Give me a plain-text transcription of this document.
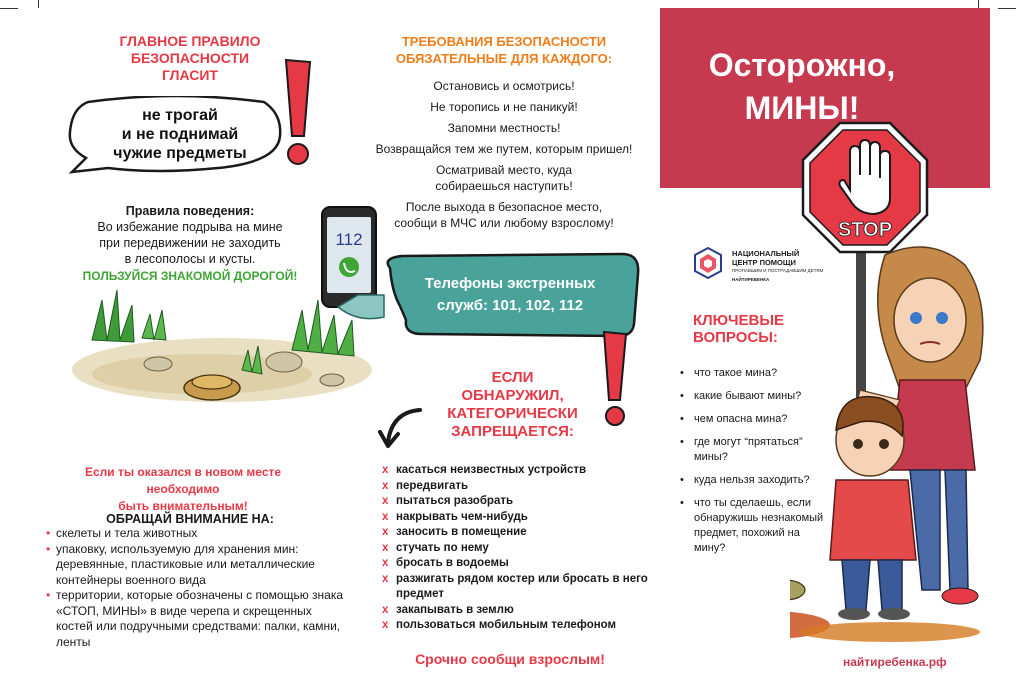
ГЛАВНОЕ ПРАВИЛО
БЕЗОПАСНОСТИ
ГЛАСИТ
не трогай
и не поднимай
чужие предметы
Правила поведения:
Во избежание подрыва на мине
при передвижении не заходить
в лесополосы и кусты.
ПОЛЬЗУЙСЯ ЗНАКОМОЙ ДОРОГОЙ!
112
Если ты оказался в новом месте необходимо
быть внимательным!
ОБРАЩАЙ ВНИМАНИЕ НА:
• скелеты и тела животных
• упаковку, используемую для хранения мин: деревянные, пластиковые или металлические контейнеры военного вида
• территории, которые обозначены с помощью знака «СТОП, МИНЫ» в виде черепа и скрещенных костей или подручными средствами: палки, камни, ленты
ТРЕБОВАНИЯ БЕЗОПАСНОСТИ
ОБЯЗАТЕЛЬНЫЕ ДЛЯ КАЖДОГО:
Остановись и осмотрись!
Не торопись и не паникуй!
Запомни местность!
Возвращайся тем же путем, которым пришел!
Осматривай место, куда собираешься наступить!
После выхода в безопасное место, сообщи в МЧС или любому взрослому!
Телефоны экстренных
служб: 101, 102, 112
ЕСЛИ
ОБНАРУЖИЛ,
КАТЕГОРИЧЕСКИ
ЗАПРЕЩАЕТСЯ:
х касаться неизвестных устройств
х передвигать
х пытаться разобрать
х накрывать чем-нибудь
х заносить в помещение
х стучать по нему
х бросать в водоемы
х разжигать рядом костер или бросать в него предмет
х закапывать в землю
х пользоваться мобильным телефоном
Срочно сообщи взрослым!
Осторожно,
МИНЫ!
STOP
НАЦИОНАЛЬНЫЙ
ЦЕНТР ПОМОЩИ
ПРОПАВШИМ И ПОСТРАДАВШИМ ДЕТЯМ
НАЙТИРЕБЕНКА
КЛЮЧЕВЫЕ
ВОПРОСЫ:
• что такое мина?
• какие бывают мины?
• чем опасна мина?
• где могут “прятаться” мины?
• куда нельзя заходить?
• что ты сделаешь, если обнаружишь незнакомый предмет, похожий на мину?
найтиребенка.рф
